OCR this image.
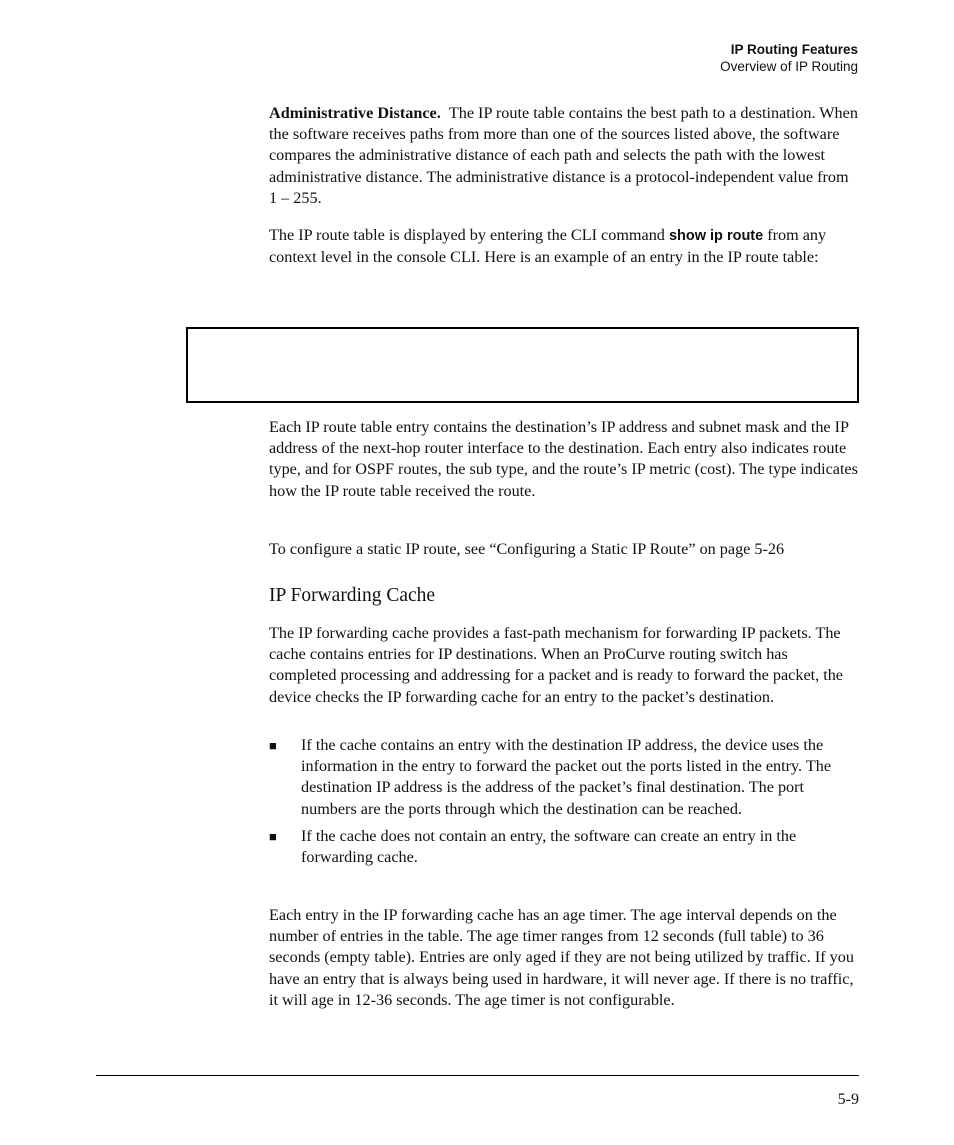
IP Routing Features
Overview of IP Routing

Administrative Distance. The IP route table contains the best path to a destination. When the software receives paths from more than one of the sources listed above, the software compares the administrative distance of each path and selects the path with the lowest administrative distance. The administrative distance is a protocol-independent value from 1 – 255.

The IP route table is displayed by entering the CLI command show ip route from any context level in the console CLI. Here is an example of an entry in the IP route table:

Each IP route table entry contains the destination’s IP address and subnet mask and the IP address of the next-hop router interface to the destination. Each entry also indicates route type, and for OSPF routes, the sub type, and the route’s IP metric (cost). The type indicates how the IP route table received the route.

To configure a static IP route, see “Configuring a Static IP Route” on page 5-26

IP Forwarding Cache

The IP forwarding cache provides a fast-path mechanism for forwarding IP packets. The cache contains entries for IP destinations. When an ProCurve routing switch has completed processing and addressing for a packet and is ready to forward the packet, the device checks the IP forwarding cache for an entry to the packet’s destination.

■ If the cache contains an entry with the destination IP address, the device uses the information in the entry to forward the packet out the ports listed in the entry. The destination IP address is the address of the packet’s final destination. The port numbers are the ports through which the destination can be reached.
■ If the cache does not contain an entry, the software can create an entry in the forwarding cache.

Each entry in the IP forwarding cache has an age timer. The age interval depends on the number of entries in the table. The age timer ranges from 12 seconds (full table) to 36 seconds (empty table). Entries are only aged if they are not being utilized by traffic. If you have an entry that is always being used in hardware, it will never age. If there is no traffic, it will age in 12-36 seconds. The age timer is not configurable.

5-9
